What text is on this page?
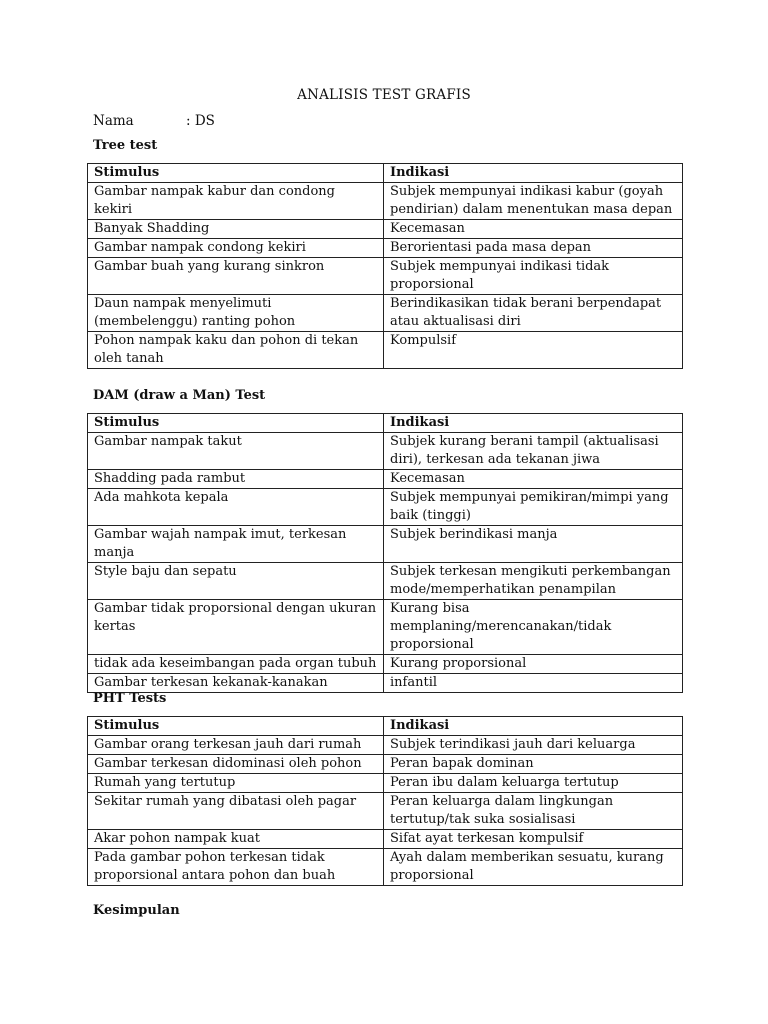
ANALISIS TEST GRAFIS
Nama	: DS
Tree test
Stimulus	Indikasi
Gambar nampak kabur dan condong kekiri	Subjek mempunyai indikasi kabur (goyah pendirian) dalam menentukan masa depan
Banyak Shadding	Kecemasan
Gambar nampak condong kekiri	Berorientasi pada masa depan
Gambar buah yang kurang sinkron	Subjek mempunyai indikasi tidak proporsional
Daun nampak menyelimuti (membelenggu) ranting pohon	Berindikasikan tidak berani berpendapat atau aktualisasi diri
Pohon nampak kaku dan pohon di tekan oleh tanah	Kompulsif
DAM (draw a Man) Test
Stimulus	Indikasi
Gambar nampak takut	Subjek kurang berani tampil (aktualisasi diri), terkesan ada tekanan jiwa
Shadding pada rambut	Kecemasan
Ada mahkota kepala	Subjek mempunyai pemikiran/mimpi yang baik (tinggi)
Gambar wajah nampak imut, terkesan manja	Subjek berindikasi manja
Style baju dan sepatu	Subjek terkesan mengikuti perkembangan mode/memperhatikan penampilan
Gambar tidak proporsional dengan ukuran kertas	Kurang bisa memplaning/merencanakan/tidak proporsional
tidak ada keseimbangan pada organ tubuh	Kurang proporsional
Gambar terkesan kekanak-kanakan	infantil
PHT Tests
Stimulus	Indikasi
Gambar orang terkesan jauh dari rumah	Subjek terindikasi jauh dari keluarga
Gambar terkesan didominasi oleh pohon	Peran bapak dominan
Rumah yang tertutup	Peran ibu dalam keluarga tertutup
Sekitar rumah yang dibatasi oleh pagar	Peran keluarga dalam lingkungan tertutup/tak suka sosialisasi
Akar pohon nampak kuat	Sifat ayat terkesan kompulsif
Pada gambar pohon terkesan tidak proporsional antara pohon dan buah	Ayah dalam memberikan sesuatu, kurang proporsional
Kesimpulan
